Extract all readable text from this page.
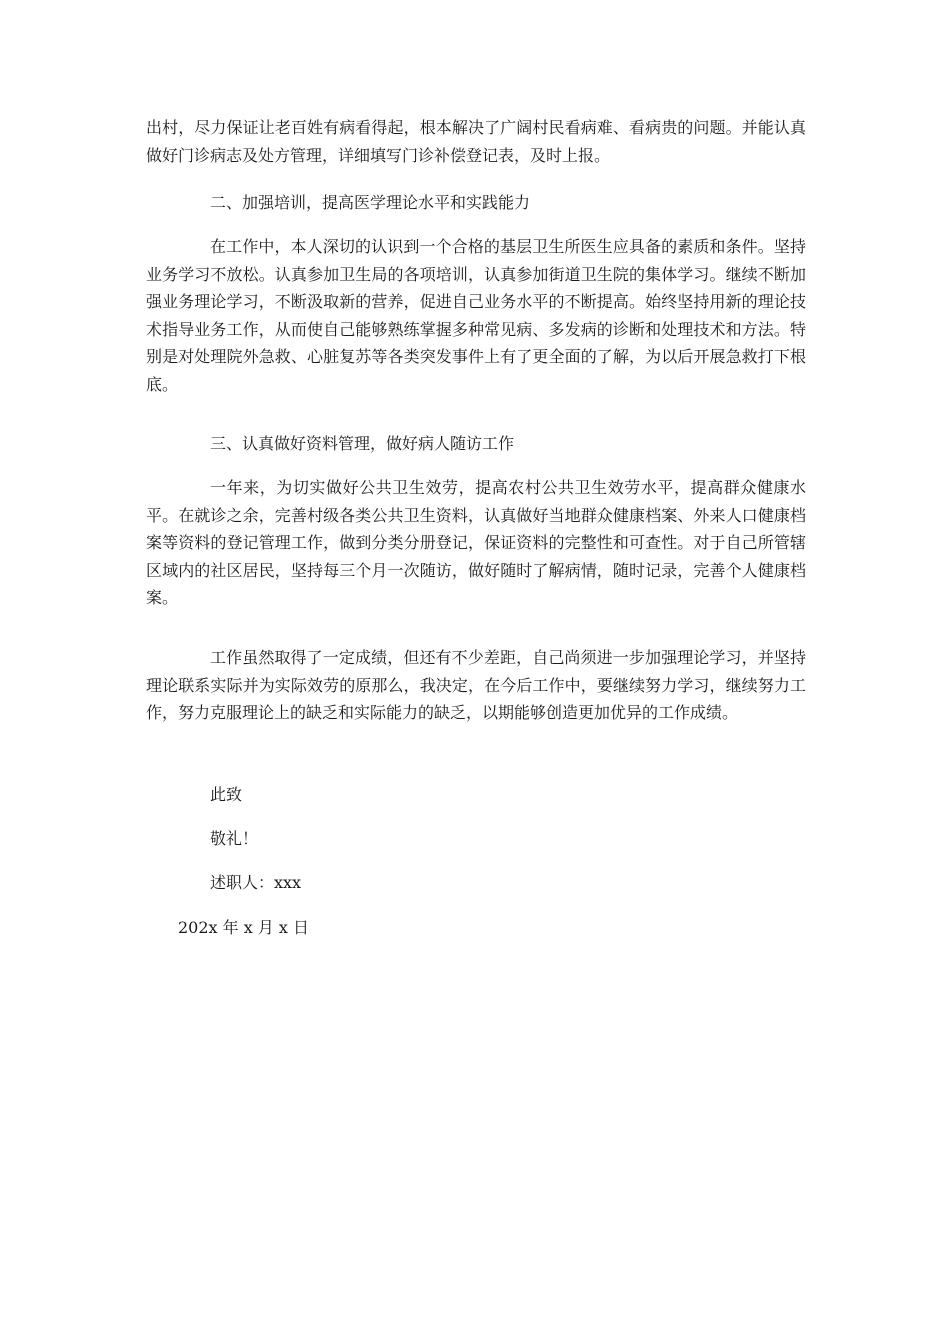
出村，尽力保证让老百姓有病看得起，根本解决了广阔村民看病难、看病贵的问题。并能认真做好门诊病志及处方管理，详细填写门诊补偿登记表，及时上报。

二、加强培训，提高医学理论水平和实践能力

在工作中，本人深切的认识到一个合格的基层卫生所医生应具备的素质和条件。坚持业务学习不放松。认真参加卫生局的各项培训，认真参加街道卫生院的集体学习。继续不断加强业务理论学习，不断汲取新的营养，促进自己业务水平的不断提高。始终坚持用新的理论技术指导业务工作，从而使自己能够熟练掌握多种常见病、多发病的诊断和处理技术和方法。特别是对处理院外急救、心脏复苏等各类突发事件上有了更全面的了解，为以后开展急救打下根底。

三、认真做好资料管理，做好病人随访工作

一年来，为切实做好公共卫生效劳，提高农村公共卫生效劳水平，提高群众健康水平。在就诊之余，完善村级各类公共卫生资料，认真做好当地群众健康档案、外来人口健康档案等资料的登记管理工作，做到分类分册登记，保证资料的完整性和可查性。对于自己所管辖区域内的社区居民，坚持每三个月一次随访，做好随时了解病情，随时记录，完善个人健康档案。

工作虽然取得了一定成绩，但还有不少差距，自己尚须进一步加强理论学习，并坚持理论联系实际并为实际效劳的原那么，我决定，在今后工作中，要继续努力学习，继续努力工作，努力克服理论上的缺乏和实际能力的缺乏，以期能够创造更加优异的工作成绩。

此致

敬礼！

述职人：xxx

202x 年 x 月 x 日
